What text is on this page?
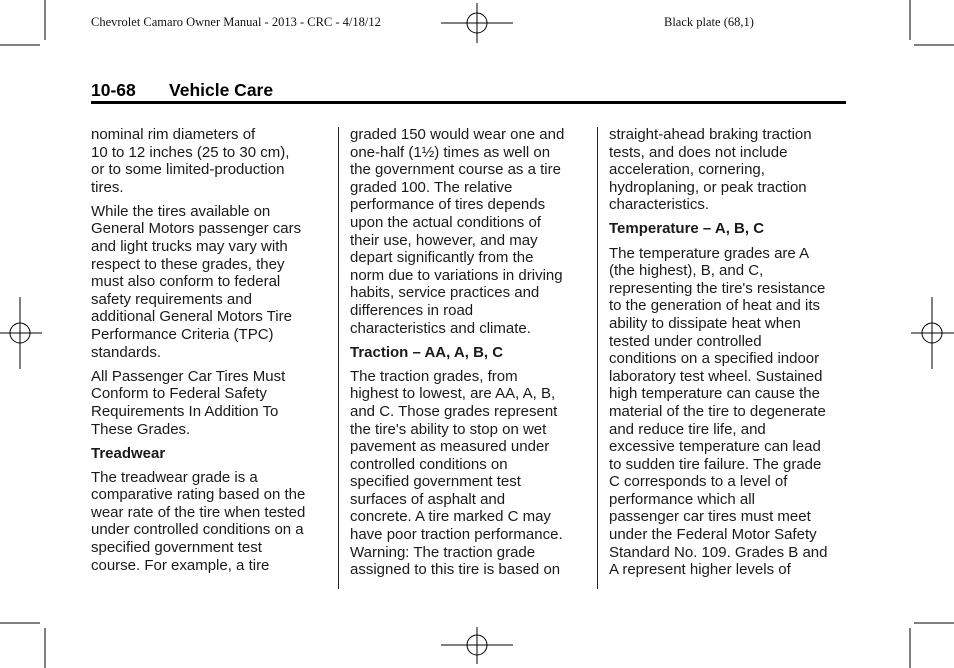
Chevrolet Camaro Owner Manual - 2013 - CRC - 4/18/12	Black plate (68,1)
10-68 Vehicle Care

nominal rim diameters of
10 to 12 inches (25 to 30 cm),
or to some limited-production
tires.

While the tires available on
General Motors passenger cars
and light trucks may vary with
respect to these grades, they
must also conform to federal
safety requirements and
additional General Motors Tire
Performance Criteria (TPC)
standards.

All Passenger Car Tires Must
Conform to Federal Safety
Requirements In Addition To
These Grades.

Treadwear

The treadwear grade is a
comparative rating based on the
wear rate of the tire when tested
under controlled conditions on a
specified government test
course. For example, a tire

graded 150 would wear one and
one-half (1½) times as well on
the government course as a tire
graded 100. The relative
performance of tires depends
upon the actual conditions of
their use, however, and may
depart significantly from the
norm due to variations in driving
habits, service practices and
differences in road
characteristics and climate.

Traction – AA, A, B, C

The traction grades, from
highest to lowest, are AA, A, B,
and C. Those grades represent
the tire's ability to stop on wet
pavement as measured under
controlled conditions on
specified government test
surfaces of asphalt and
concrete. A tire marked C may
have poor traction performance.
Warning: The traction grade
assigned to this tire is based on

straight-ahead braking traction
tests, and does not include
acceleration, cornering,
hydroplaning, or peak traction
characteristics.

Temperature – A, B, C

The temperature grades are A
(the highest), B, and C,
representing the tire's resistance
to the generation of heat and its
ability to dissipate heat when
tested under controlled
conditions on a specified indoor
laboratory test wheel. Sustained
high temperature can cause the
material of the tire to degenerate
and reduce tire life, and
excessive temperature can lead
to sudden tire failure. The grade
C corresponds to a level of
performance which all
passenger car tires must meet
under the Federal Motor Safety
Standard No. 109. Grades B and
A represent higher levels of
